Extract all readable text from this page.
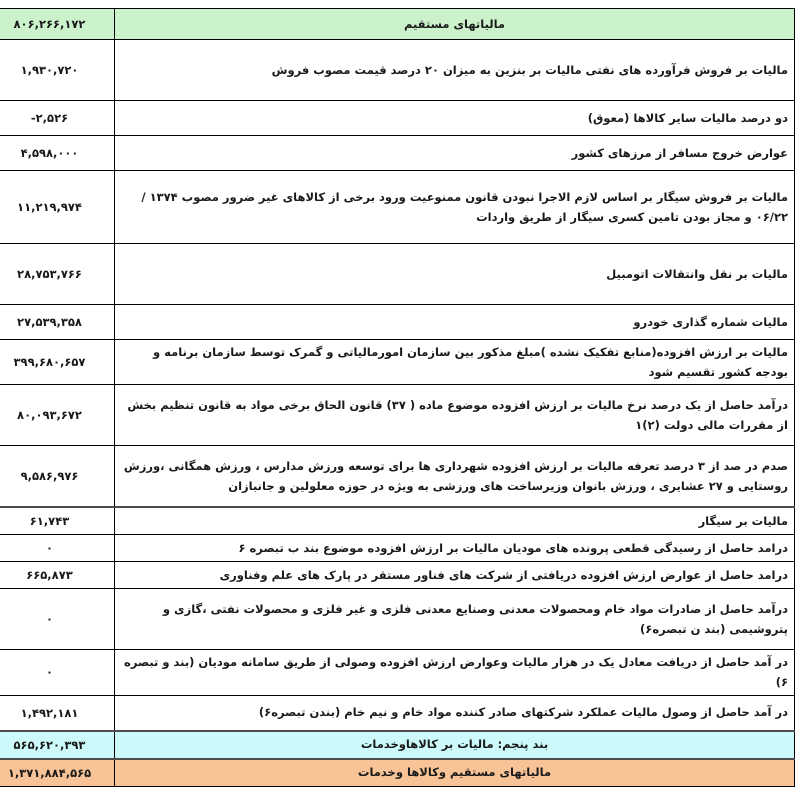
مالیاتهای مستقیم	۸۰۶,۲۶۶,۱۷۲
مالیات بر فروش فرآورده های نفتی مالیات بر بنزین به میزان ۲۰ درصد قیمت مصوب فروش	۱,۹۳۰,۷۲۰
دو درصد مالیات سایر کالاها (معوق)	-۲,۵۲۶
عوارض خروج مسافر از مرزهای کشور	۴,۵۹۸,۰۰۰
مالیات بر فروش سیگار بر اساس لازم الاجرا نبودن قانون ممنوعیت ورود برخی از کالاهای غیر ضرور مصوب ۱۳۷۴ /۰۶/۲۲ و مجاز بودن تامین کسری سیگار از طریق واردات	۱۱,۲۱۹,۹۷۴
مالیات بر نقل وانتقالات اتومبیل	۲۸,۷۵۳,۷۶۶
مالیات شماره گذاری خودرو	۲۷,۵۳۹,۳۵۸
مالیات بر ارزش افزوده(منابع تفکیک نشده )مبلغ مذکور بین سازمان امورمالیاتی و گمرک توسط سازمان برنامه و بودجه کشور تقسیم شود	۳۹۹,۶۸۰,۶۵۷
درآمد حاصل از یک درصد نرخ مالیات بر ارزش افزوده موضوع ماده ( ۳۷) قانون الحاق برخی مواد به قانون تنظیم بخش از مقررات مالی دولت (۲)۱	۸۰,۰۹۳,۶۷۲
صدم در صد از ۳ درصد تعرفه مالیات بر ارزش افزوده شهرداری ها برای توسعه ورزش مدارس ، ورزش همگانی ،ورزش روستایی و ۲۷ عشایری ، ورزش بانوان وزیرساخت های ورزشی به ویژه در حوزه معلولین و جانبازان	۹,۵۸۶,۹۷۶
مالیات بر سیگار	۶۱,۷۴۳
درامد حاصل از رسیدگی قطعی پرونده های مودیان مالیات بر ارزش افزوده موضوع بند ب تبصره ۶	۰
درامد حاصل از عوارض ارزش افزوده دریافتی از شرکت های فناور مستقر در پارک های علم وفناوری	۶۶۵,۸۷۳
درآمد حاصل از صادرات مواد خام ومحصولات معدنی وصنایع معدنی فلزی و غیر فلزی و محصولات نفتی ،گازی و پتروشیمی (بند ن تبصره۶)	۰
در آمد حاصل از دریافت معادل یک در هزار مالیات وعوارض ارزش افزوده وصولی از طریق سامانه مودیان (بند و تبصره ۶)	۰
در آمد حاصل از وصول مالیات عملکرد شرکتهای صادر کننده مواد خام و نیم خام (بندن تبصره۶)	۱,۴۹۲,۱۸۱
بند پنجم: مالیات بر کالاهاوخدمات	۵۶۵,۶۲۰,۳۹۳
مالیاتهای مستقیم وکالاها وخدمات	۱,۳۷۱,۸۸۴,۵۶۵
